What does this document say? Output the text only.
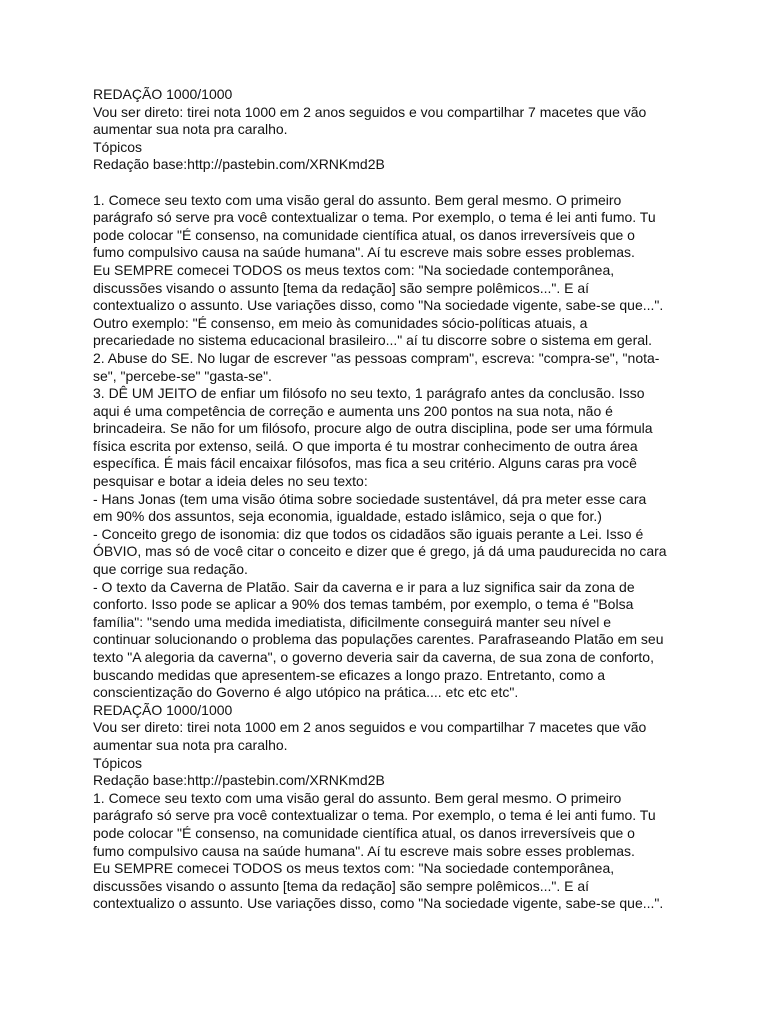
REDAÇÃO 1000/1000
Vou ser direto: tirei nota 1000 em 2 anos seguidos e vou compartilhar 7 macetes que vão
aumentar sua nota pra caralho.
Tópicos
Redação base:http://pastebin.com/XRNKmd2B
1. Comece seu texto com uma visão geral do assunto. Bem geral mesmo. O primeiro
parágrafo só serve pra você contextualizar o tema. Por exemplo, o tema é lei anti fumo. Tu
pode colocar "É consenso, na comunidade científica atual, os danos irreversíveis que o
fumo compulsivo causa na saúde humana". Aí tu escreve mais sobre esses problemas.
Eu SEMPRE comecei TODOS os meus textos com: "Na sociedade contemporânea,
discussões visando o assunto [tema da redação] são sempre polêmicos...". E aí
contextualizo o assunto. Use variações disso, como "Na sociedade vigente, sabe-se que...".
Outro exemplo: "É consenso, em meio às comunidades sócio-políticas atuais, a
precariedade no sistema educacional brasileiro..." aí tu discorre sobre o sistema em geral.
2. Abuse do SE. No lugar de escrever "as pessoas compram", escreva: "compra-se", "nota-
se", "percebe-se" "gasta-se".
3. DÊ UM JEITO de enfiar um filósofo no seu texto, 1 parágrafo antes da conclusão. Isso
aqui é uma competência de correção e aumenta uns 200 pontos na sua nota, não é
brincadeira. Se não for um filósofo, procure algo de outra disciplina, pode ser uma fórmula
física escrita por extenso, seilá. O que importa é tu mostrar conhecimento de outra área
específica. É mais fácil encaixar filósofos, mas fica a seu critério. Alguns caras pra você
pesquisar e botar a ideia deles no seu texto:
- Hans Jonas (tem uma visão ótima sobre sociedade sustentável, dá pra meter esse cara
em 90% dos assuntos, seja economia, igualdade, estado islâmico, seja o que for.)
- Conceito grego de isonomia: diz que todos os cidadãos são iguais perante a Lei. Isso é
ÓBVIO, mas só de você citar o conceito e dizer que é grego, já dá uma paudurecida no cara
que corrige sua redação.
- O texto da Caverna de Platão. Sair da caverna e ir para a luz significa sair da zona de
conforto. Isso pode se aplicar a 90% dos temas também, por exemplo, o tema é "Bolsa
família": "sendo uma medida imediatista, dificilmente conseguirá manter seu nível e
continuar solucionando o problema das populações carentes. Parafraseando Platão em seu
texto "A alegoria da caverna", o governo deveria sair da caverna, de sua zona de conforto,
buscando medidas que apresentem-se eficazes a longo prazo. Entretanto, como a
conscientização do Governo é algo utópico na prática.... etc etc etc".
REDAÇÃO 1000/1000
Vou ser direto: tirei nota 1000 em 2 anos seguidos e vou compartilhar 7 macetes que vão
aumentar sua nota pra caralho.
Tópicos
Redação base:http://pastebin.com/XRNKmd2B
1. Comece seu texto com uma visão geral do assunto. Bem geral mesmo. O primeiro
parágrafo só serve pra você contextualizar o tema. Por exemplo, o tema é lei anti fumo. Tu
pode colocar "É consenso, na comunidade científica atual, os danos irreversíveis que o
fumo compulsivo causa na saúde humana". Aí tu escreve mais sobre esses problemas.
Eu SEMPRE comecei TODOS os meus textos com: "Na sociedade contemporânea,
discussões visando o assunto [tema da redação] são sempre polêmicos...". E aí
contextualizo o assunto. Use variações disso, como "Na sociedade vigente, sabe-se que...".
